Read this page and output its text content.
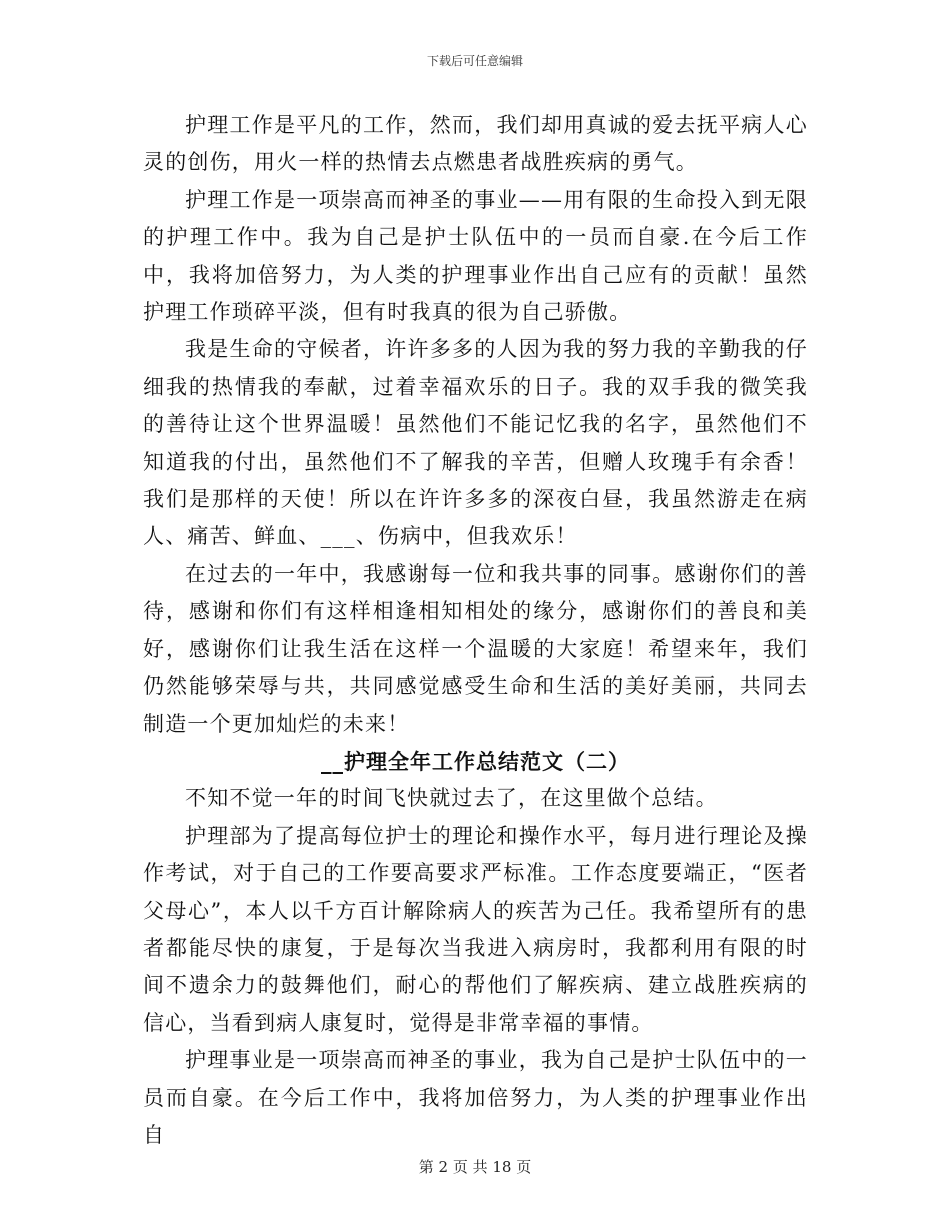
下载后可任意编辑

护理工作是平凡的工作，然而，我们却用真诚的爱去抚平病人心灵的创伤，用火一样的热情去点燃患者战胜疾病的勇气。

护理工作是一项崇高而神圣的事业——用有限的生命投入到无限的护理工作中。我为自己是护士队伍中的一员而自豪.在今后工作中，我将加倍努力，为人类的护理事业作出自己应有的贡献！虽然护理工作琐碎平淡，但有时我真的很为自己骄傲。

我是生命的守候者，许许多多的人因为我的努力我的辛勤我的仔细我的热情我的奉献，过着幸福欢乐的日子。我的双手我的微笑我的善待让这个世界温暖！虽然他们不能记忆我的名字，虽然他们不知道我的付出，虽然他们不了解我的辛苦，但赠人玫瑰手有余香！我们是那样的天使！所以在许许多多的深夜白昼，我虽然游走在病人、痛苦、鲜血、___、伤病中，但我欢乐！

在过去的一年中，我感谢每一位和我共事的同事。感谢你们的善待，感谢和你们有这样相逢相知相处的缘分，感谢你们的善良和美好，感谢你们让我生活在这样一个温暖的大家庭！希望来年，我们仍然能够荣辱与共，共同感觉感受生命和生活的美好美丽，共同去制造一个更加灿烂的未来！

__护理全年工作总结范文（二）

不知不觉一年的时间飞快就过去了，在这里做个总结。

护理部为了提高每位护士的理论和操作水平，每月进行理论及操作考试，对于自己的工作要高要求严标准。工作态度要端正，“医者父母心”，本人以千方百计解除病人的疾苦为己任。我希望所有的患者都能尽快的康复，于是每次当我进入病房时，我都利用有限的时间不遗余力的鼓舞他们，耐心的帮他们了解疾病、建立战胜疾病的信心，当看到病人康复时，觉得是非常幸福的事情。

护理事业是一项崇高而神圣的事业，我为自己是护士队伍中的一员而自豪。在今后工作中，我将加倍努力，为人类的护理事业作出自

第 2 页 共 18 页
